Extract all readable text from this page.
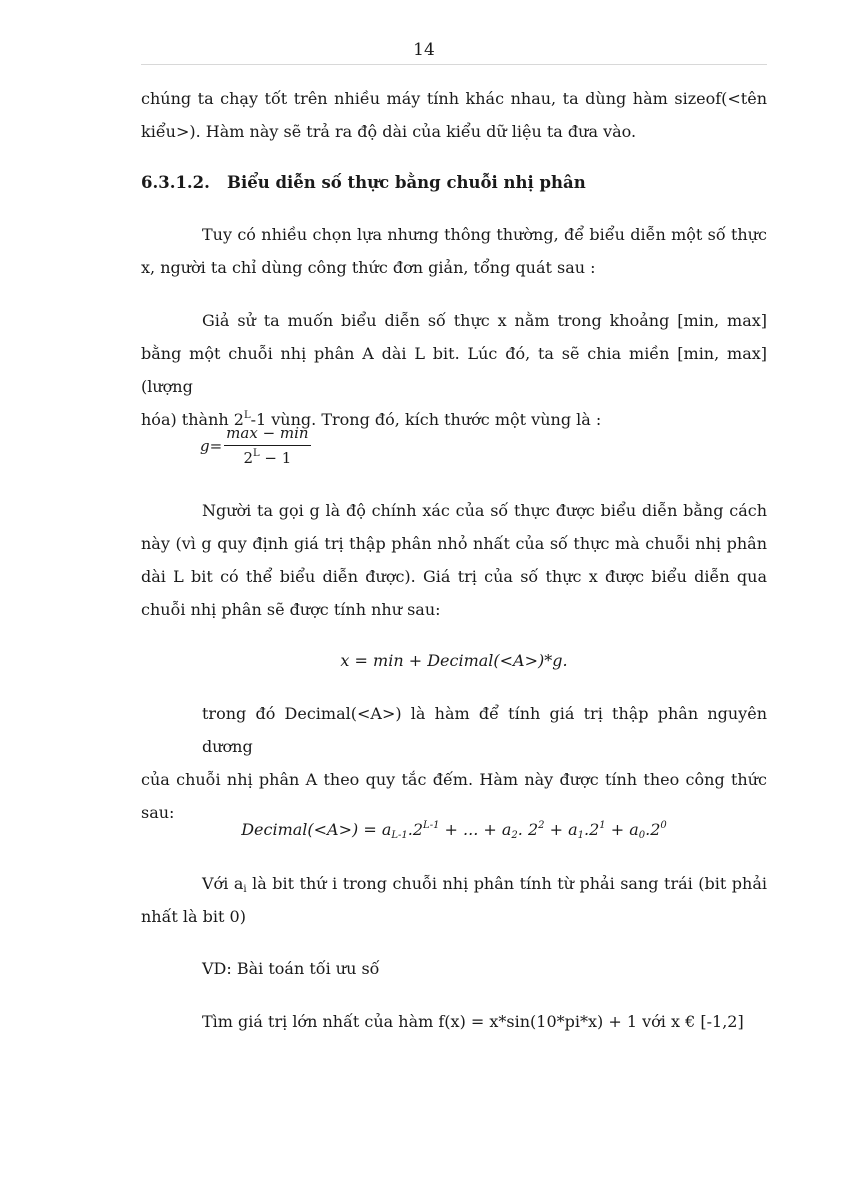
14

chúng ta chạy tốt trên nhiều máy tính khác nhau, ta dùng hàm sizeof(<tên
kiểu>). Hàm này sẽ trả ra độ dài của kiểu dữ liệu ta đưa vào.

6.3.1.2. Biểu diễn số thực bằng chuỗi nhị phân

Tuy có nhiều chọn lựa nhưng thông thường, để biểu diễn một số thực
x, người ta chỉ dùng công thức đơn giản, tổng quát sau :

Giả sử ta muốn biểu diễn số thực x nằm trong khoảng [min, max]
bằng một chuỗi nhị phân A dài L bit. Lúc đó, ta sẽ chia miền [min, max] (lượng
hóa) thành $2^L-1$ vùng. Trong đó, kích thước một vùng là :

$g= \frac{\max - \min}{2^L - 1}$

Người ta gọi g là độ chính xác của số thực được biểu diễn bằng cách
này (vì g quy định giá trị thập phân nhỏ nhất của số thực mà chuỗi nhị phân
dài L bit có thể biểu diễn được). Giá trị của số thực x được biểu diễn qua
chuỗi nhị phân sẽ được tính như sau:

x = min + Decimal(<A>)*g.

trong đó Decimal(<A>) là hàm để tính giá trị thập phân nguyên dương
của chuỗi nhị phân A theo quy tắc đếm. Hàm này được tính theo công thức
sau:

Decimal(<A>) = $a_{L-1}.2^{L-1}$ + ... + $a_2$. $2^2 + a_1.2^1 + a_0.2^0$

Với $a_i$ là bit thứ i trong chuỗi nhị phân tính từ phải sang trái (bit phải
nhất là bit 0)

VD: Bài toán tối ưu số

Tìm giá trị lớn nhất của hàm f(x) = x*sin(10*pi*x) + 1 với x € [-1,2]
